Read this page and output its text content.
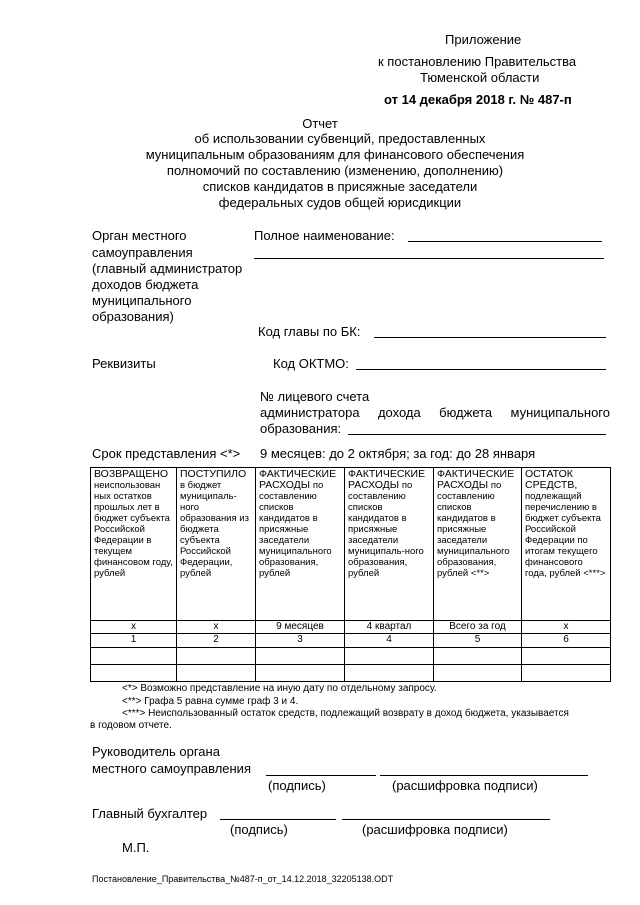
Приложение
к постановлению Правительства
Тюменской области
от 14 декабря 2018 г. № 487-п
Отчет
об использовании субвенций, предоставленных
муниципальным образованиям для финансового обеспечения
полномочий по составлению (изменению, дополнению)
списков кандидатов в присяжные заседатели
федеральных судов общей юрисдикции
Орган местного
самоуправления
(главный администратор
доходов бюджета
муниципального
образования)
Полное наименование:
Код главы по БК:
Реквизиты	Код ОКТМО:
№ лицевого счета
администратора дохода бюджета муниципального
образования:
Срок представления <*> 9 месяцев: до 2 октября; за год: до 28 января
ВОЗВРАЩЕНО
неиспользован ных остатков прошлых лет в бюджет субъекта Российской Федерации в текущем финансовом году, рублей	ПОСТУПИЛО в бюджет муниципаль-ного образования из бюджета субъекта Российской Федерации, рублей	ФАКТИЧЕСКИЕ РАСХОДЫ по составлению списков кандидатов в присяжные заседатели муниципального образования, рублей	ФАКТИЧЕСКИЕ РАСХОДЫ по составлению списков кандидатов в присяжные заседатели муниципаль-ного образования, рублей	ФАКТИЧЕСКИЕ РАСХОДЫ по составлению списков кандидатов в присяжные заседатели муниципального образования, рублей <**>	ОСТАТОК СРЕДСТВ, подлежащий перечислению в бюджет субъекта Российской Федерации по итогам текущего финансового года, рублей <***>
x	x	9 месяцев	4 квартал	Всего за год	x
1	2	3	4	5	6

<*> Возможно представление на иную дату по отдельному запросу.
<**> Графа 5 равна сумме граф 3 и 4.
<***> Неиспользованный остаток средств, подлежащий возврату в доход бюджета, указывается
в годовом отчете.
Руководитель органа
местного самоуправления
(подпись)	(расшифровка подписи)
Главный бухгалтер
(подпись)	(расшифровка подписи)
М.П.
Постановление_Правительства_№487-п_от_14.12.2018_32205138.ODT
